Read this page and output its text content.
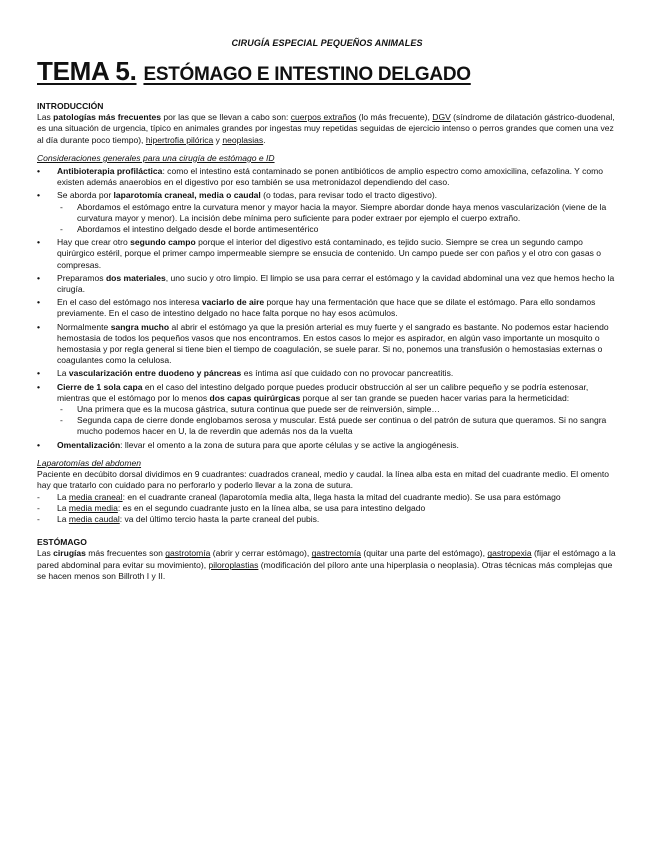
CIRUGÍA ESPECIAL PEQUEÑOS ANIMALES
TEMA 5. ESTÓMAGO E INTESTINO DELGADO
INTRODUCCIÓN

Las patologías más frecuentes por las que se llevan a cabo son: cuerpos extraños (lo más frecuente), DGV (síndrome de dilatación gástrico-duodenal, es una situación de urgencia, típico en animales grandes por ingestas muy repetidas seguidas de ejercicio intenso o perros grandes que comen una vez al día durante poco tiempo), hipertrofia pilórica y neoplasias.

Consideraciones generales para una cirugía de estómago e ID
• Antibioterapia profiláctica: como el intestino está contaminado se ponen antibióticos de amplio espectro como amoxicilina, cefazolina. Y como existen además anaerobios en el digestivo por eso también se usa metronidazol dependiendo del caso.
• Se aborda por laparotomía craneal, media o caudal (o todas, para revisar todo el tracto digestivo).
- Abordamos el estómago entre la curvatura menor y mayor hacia la mayor. Siempre abordar donde haya menos vascularización (viene de la curvatura mayor y menor). La incisión debe mínima pero suficiente para poder extraer por ejemplo el cuerpo extraño.
- Abordamos el intestino delgado desde el borde antimesentérico
• Hay que crear otro segundo campo porque el interior del digestivo está contaminado, es tejido sucio. Siempre se crea un segundo campo quirúrgico estéril, porque el primer campo impermeable siempre se ensucia de contenido. Un campo puede ser con paños y el otro con gasas o compresas.
• Preparamos dos materiales, uno sucio y otro limpio. El limpio se usa para cerrar el estómago y la cavidad abdominal una vez que hemos hecho la cirugía.
• En el caso del estómago nos interesa vaciarlo de aire porque hay una fermentación que hace que se dilate el estómago. Para ello sondamos previamente. En el caso de intestino delgado no hace falta porque no hay esos acúmulos.
• Normalmente sangra mucho al abrir el estómago ya que la presión arterial es muy fuerte y el sangrado es bastante. No podemos estar haciendo hemostasia de todos los pequeños vasos que nos encontramos. En estos casos lo mejor es aspirador, en algún vaso importante un mosquito o hemostasia y por regla general si tiene bien el tiempo de coagulación, se suele parar. Si no, ponemos una transfusión o hemostasias externas o coagulantes como la celulosa.
• La vascularización entre duodeno y páncreas es íntima así que cuidado con no provocar pancreatitis.
• Cierre de 1 sola capa en el caso del intestino delgado porque puedes producir obstrucción al ser un calibre pequeño y se podría estenosar, mientras que el estómago por lo menos dos capas quirúrgicas porque al ser tan grande se pueden hacer varias para la hermeticidad:
- Una primera que es la mucosa gástrica, sutura continua que puede ser de reinversión, simple…
- Segunda capa de cierre donde englobamos serosa y muscular. Está puede ser continua o del patrón de sutura que queramos. Si no sangra mucho podemos hacer en U, la de reverdin que además nos da la vuelta
• Omentalización: llevar el omento a la zona de sutura para que aporte células y se active la angiogénesis.
Laparotomías del abdomen

Paciente en decúbito dorsal dividimos en 9 cuadrantes: cuadrados craneal, medio y caudal. la línea alba esta en mitad del cuadrante medio. El omento hay que tratarlo con cuidado para no perforarlo y poderlo llevar a la zona de sutura.

- La media craneal: en el cuadrante craneal (laparotomía media alta, llega hasta la mitad del cuadrante medio). Se usa para estómago
- La media media: es en el segundo cuadrante justo en la línea alba, se usa para intestino delgado
- La media caudal: va del último tercio hasta la parte craneal del pubis.
ESTÓMAGO

Las cirugías más frecuentes son gastrotomía (abrir y cerrar estómago), gastrectomía (quitar una parte del estómago), gastropexia (fijar el estómago a la pared abdominal para evitar su movimiento), piloroplastias (modificación del píloro ante una hiperplasia o neoplasia). Otras técnicas más complejas que se hacen menos son Billroth I y II.
